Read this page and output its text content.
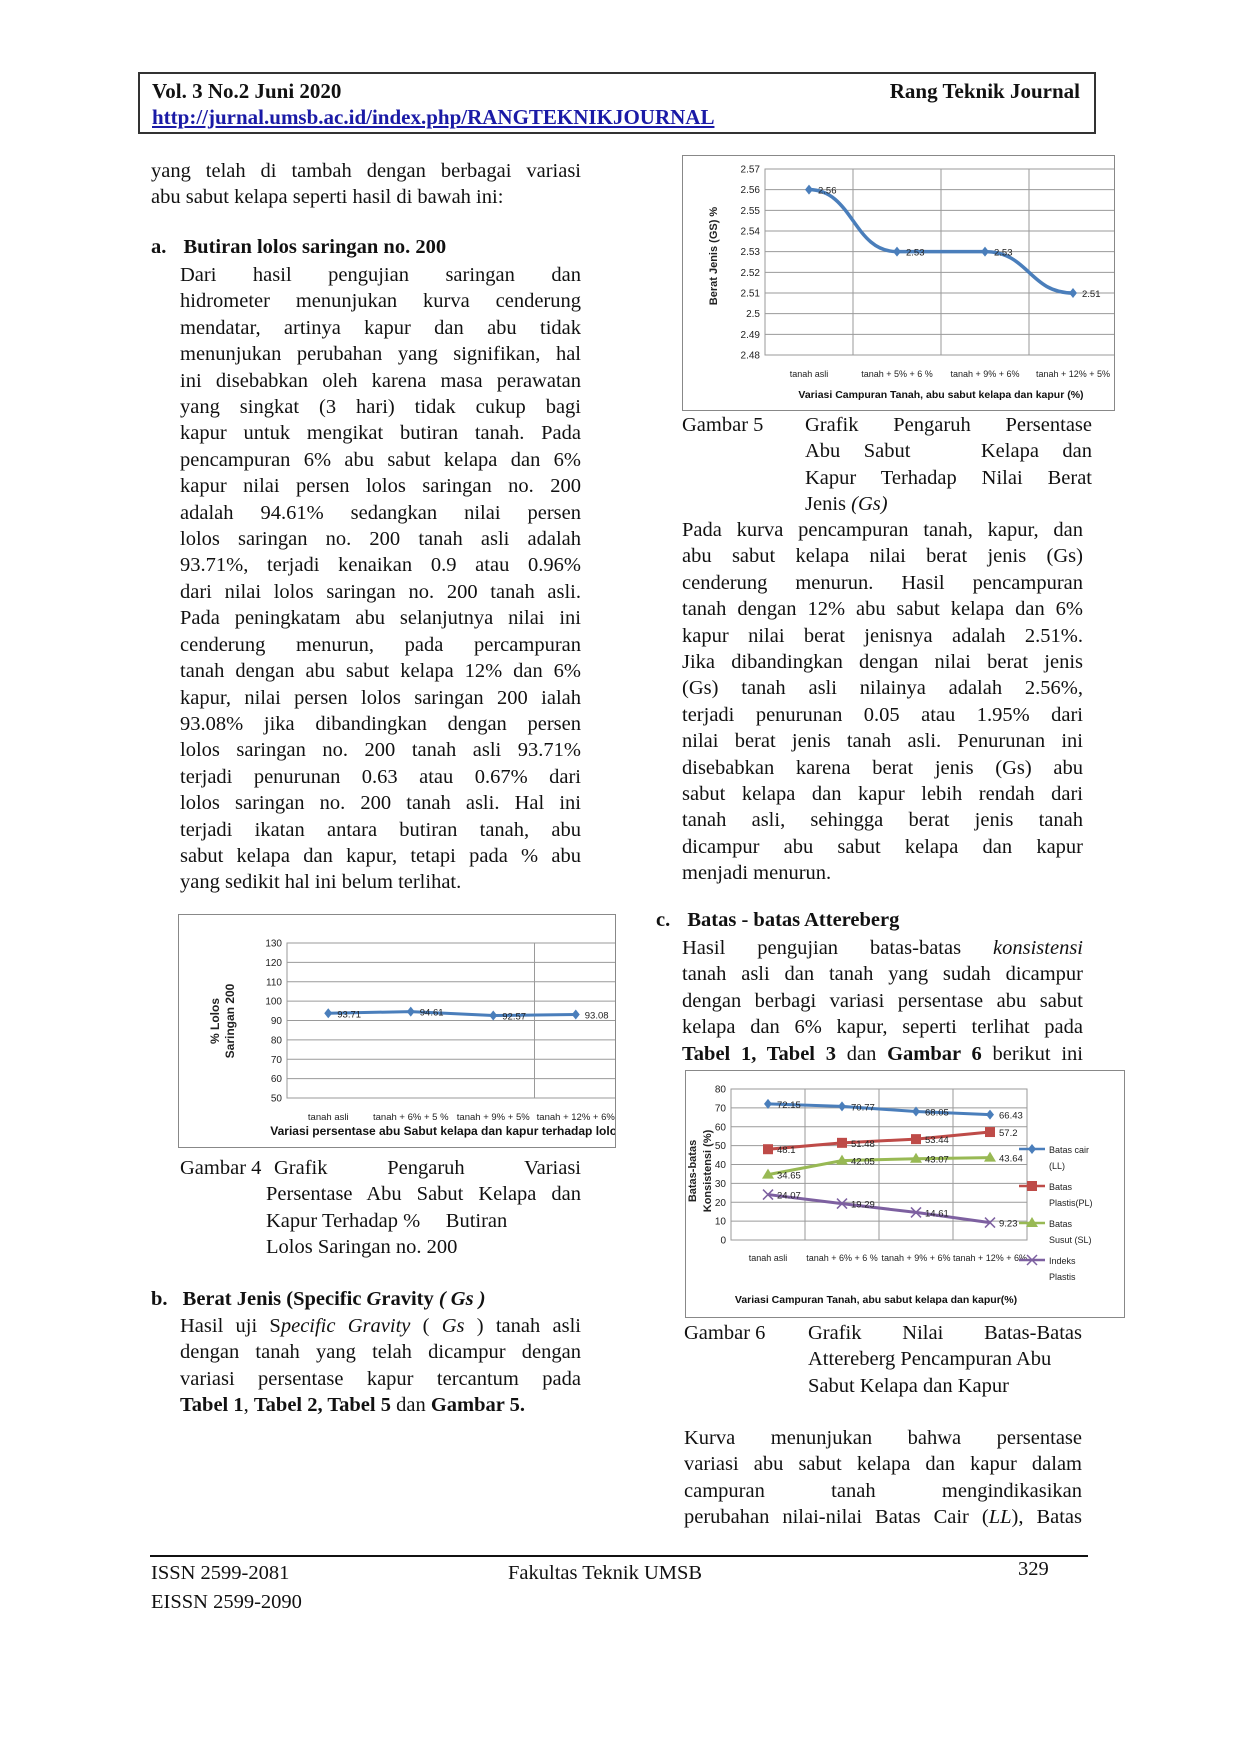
Vol. 3 No.2 Juni 2020	Rang Teknik Journal
http://jurnal.umsb.ac.id/index.php/RANGTEKNIKJOURNAL
yang telah di tambah dengan berbagai variasi
abu sabut kelapa seperti hasil di bawah ini:
a. Butiran lolos saringan no. 200
Dari hasil pengujian saringan dan
hidrometer menunjukan kurva cenderung
mendatar, artinya kapur dan abu tidak
menunjukan perubahan yang signifikan, hal
ini disebabkan oleh karena masa perawatan
yang singkat (3 hari) tidak cukup bagi
kapur untuk mengikat butiran tanah. Pada
pencampuran 6% abu sabut kelapa dan 6%
kapur nilai persen lolos saringan no. 200
adalah 94.61% sedangkan nilai persen
lolos saringan no. 200 tanah asli adalah
93.71%, terjadi kenaikan 0.9 atau 0.96%
dari nilai lolos saringan no. 200 tanah asli.
Pada peningkatam abu selanjutnya nilai ini
cenderung menurun, pada percampuran
tanah dengan abu sabut kelapa 12% dan 6%
kapur, nilai persen lolos saringan 200 ialah
93.08% jika dibandingkan dengan persen
lolos saringan no. 200 tanah asli 93.71%
terjadi penurunan 0.63 atau 0.67% dari
lolos saringan no. 200 tanah asli. Hal ini
terjadi ikatan antara butiran tanah, abu
sabut kelapa dan kapur, tetapi pada % abu
yang sedikit hal ini belum terlihat.
50
60
70
80
90
100
110
120
130
tanah asli	tanah + 6% + 5 % tanah + 9% + 5% tanah + 12% + 6%
93.71	94.61	92.57	93.08
% Lolos Saringan 200
Variasi persentase abu Sabut kelapa dan kapur terhadap lolos
Gambar 4 Grafik Pengaruh Variasi
Persentase Abu Sabut Kelapa dan
Kapur Terhadap %     Butiran
Lolos Saringan no. 200
b. Berat Jenis (Specific Gravity ( Gs )
Hasil uji Specific Gravity ( Gs ) tanah asli
dengan tanah yang telah dicampur dengan
variasi persentase kapur tercantum pada
Tabel 1, Tabel 2, Tabel 5 dan Gambar 5.
2.48
2.49
2.5
2.51
2.52
2.53
2.54
2.55
2.56
2.57
tanah asli	tanah + 5% + 6 % tanah + 9% + 6% tanah + 12% + 5%
2.56
2.53	2.53
2.51
Berat Jenis (GS) %
Variasi Campuran Tanah, abu sabut kelapa dan kapur (%)
Gambar 5	Grafik Pengaruh Persentase
Abu Sabut   Kelapa dan
Kapur Terhadap Nilai Berat
Jenis (Gs)
Pada kurva pencampuran tanah, kapur, dan
abu sabut kelapa nilai berat jenis (Gs)
cenderung menurun. Hasil pencampuran
tanah dengan 12% abu sabut kelapa dan 6%
kapur nilai berat jenisnya adalah 2.51%.
Jika dibandingkan dengan nilai berat jenis
(Gs) tanah asli nilainya adalah 2.56%,
terjadi penurunan 0.05 atau 1.95% dari
nilai berat jenis tanah asli. Penurunan ini
disebabkan karena berat jenis (Gs) abu
sabut kelapa dan kapur lebih rendah dari
tanah asli, sehingga berat jenis tanah
dicampur abu sabut kelapa dan kapur
menjadi menurun.
c. Batas - batas Attereberg
Hasil pengujian batas-batas konsistensi
tanah asli dan tanah yang sudah dicampur
dengan berbagi variasi persentase abu sabut
kelapa dan 6% kapur, seperti terlihat pada
Tabel 1, Tabel 3 dan Gambar 6 berikut ini
0
10
20
30
40
50
60
70
80
tanah asli tanah + 6% + 6 % tanah + 9% + 6% tanah + 12% + 6%
72.15	70.77	68.05	66.43
48.1
51.48	53.44
57.2
34.65
42.05	43.07	43.64
24.07
19.29
14.61
9.23
Batas-batas Konsistensi (%)
Variasi Campuran Tanah, abu sabut kelapa dan kapur(%)
Batas cair
(LL)
Batas
Plastis(PL)
Batas
Susut (SL)
Indeks
Plastis
Gambar 6	Grafik Nilai Batas-Batas
Attereberg Pencampuran Abu
Sabut Kelapa dan Kapur
Kurva menunjukan bahwa persentase
variasi abu sabut kelapa dan kapur dalam
campuran tanah mengindikasikan
perubahan nilai-nilai Batas Cair (LL), Batas
ISSN 2599-2081
EISSN 2599-2090
Fakultas Teknik UMSB	329
